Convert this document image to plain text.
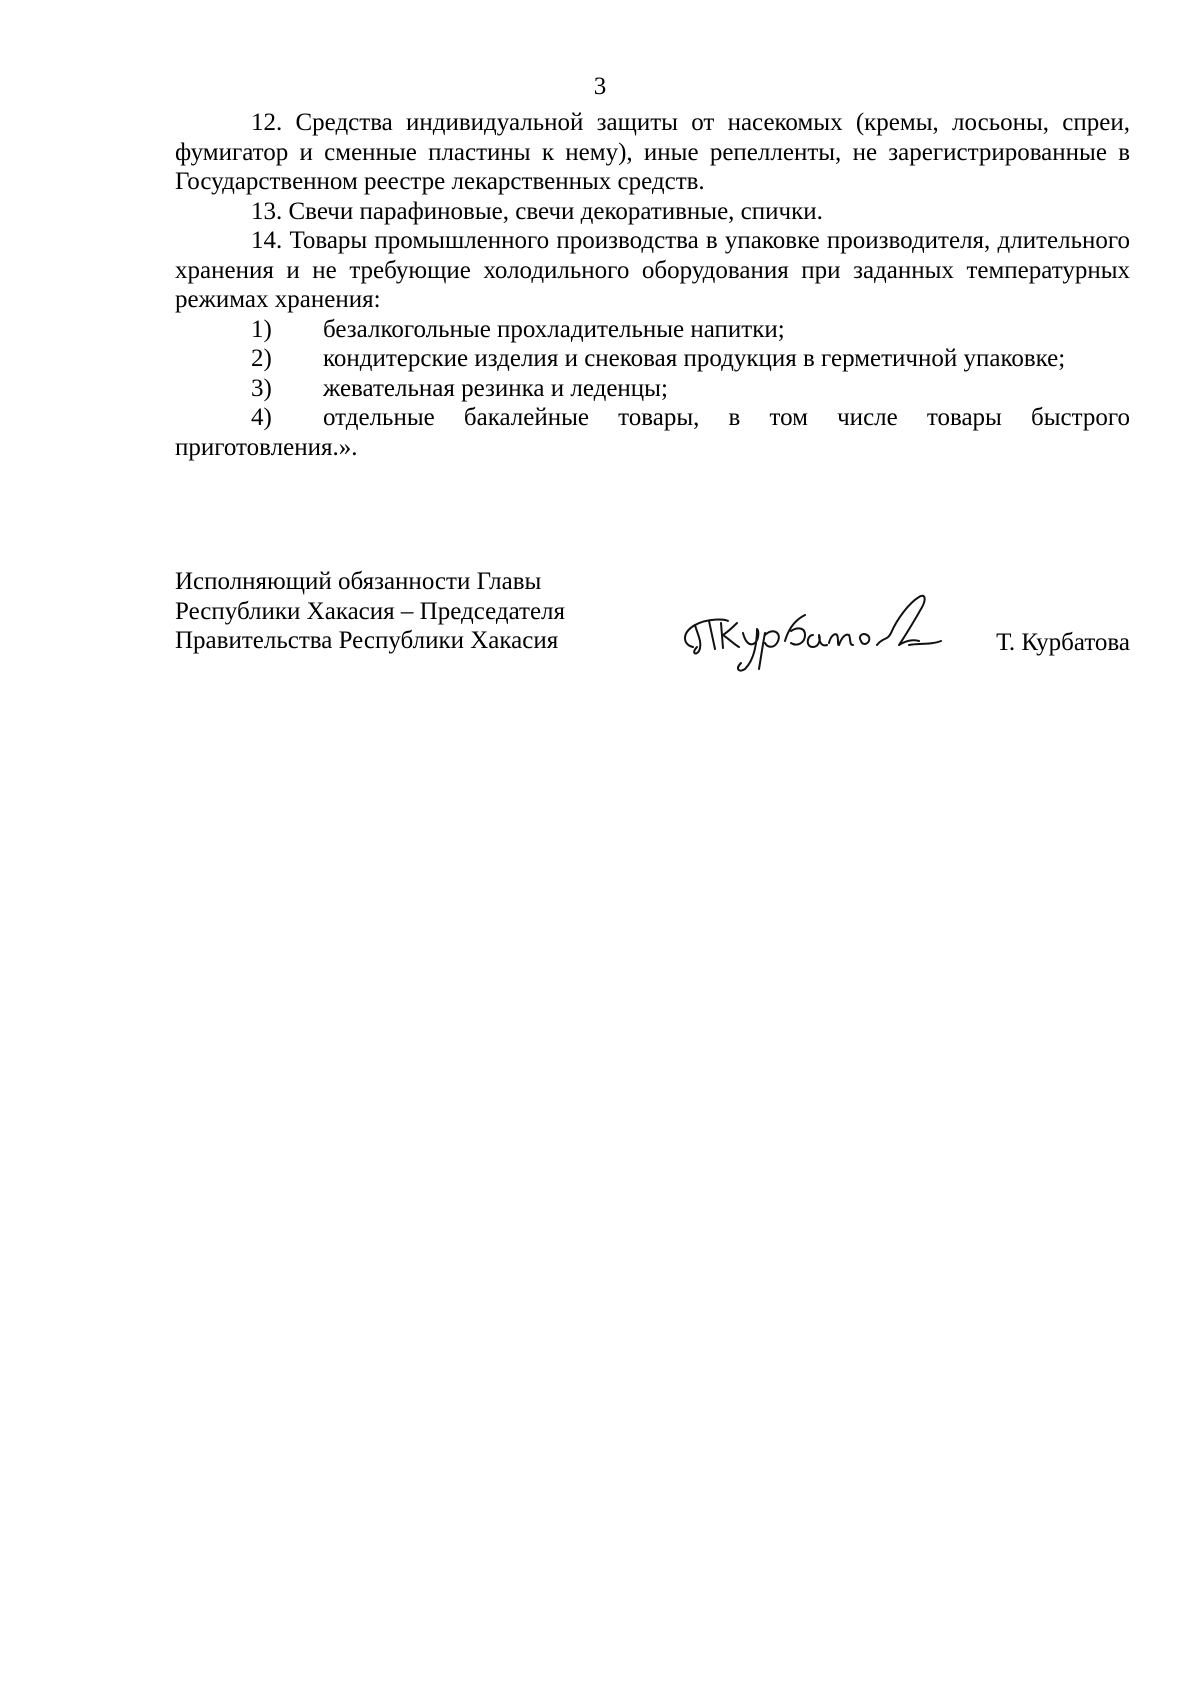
3

12. Средства индивидуальной защиты от насекомых (кремы, лосьоны, спреи, фумигатор и сменные пластины к нему), иные репелленты, не зарегистрированные в Государственном реестре лекарственных средств.

13. Свечи парафиновые, свечи декоративные, спички.

14. Товары промышленного производства в упаковке производителя, длительного хранения и не требующие холодильного оборудования при заданных температурных режимах хранения:

1) безалкогольные прохладительные напитки;

2) кондитерские изделия и снековая продукция в герметичной упаковке;

3) жевательная резинка и леденцы;

4) отдельные бакалейные товары, в том числе товары быстрого приготовления.».

Исполняющий обязанности Главы
Республики Хакасия – Председателя
Правительства Республики Хакасия	Т. Курбатова
